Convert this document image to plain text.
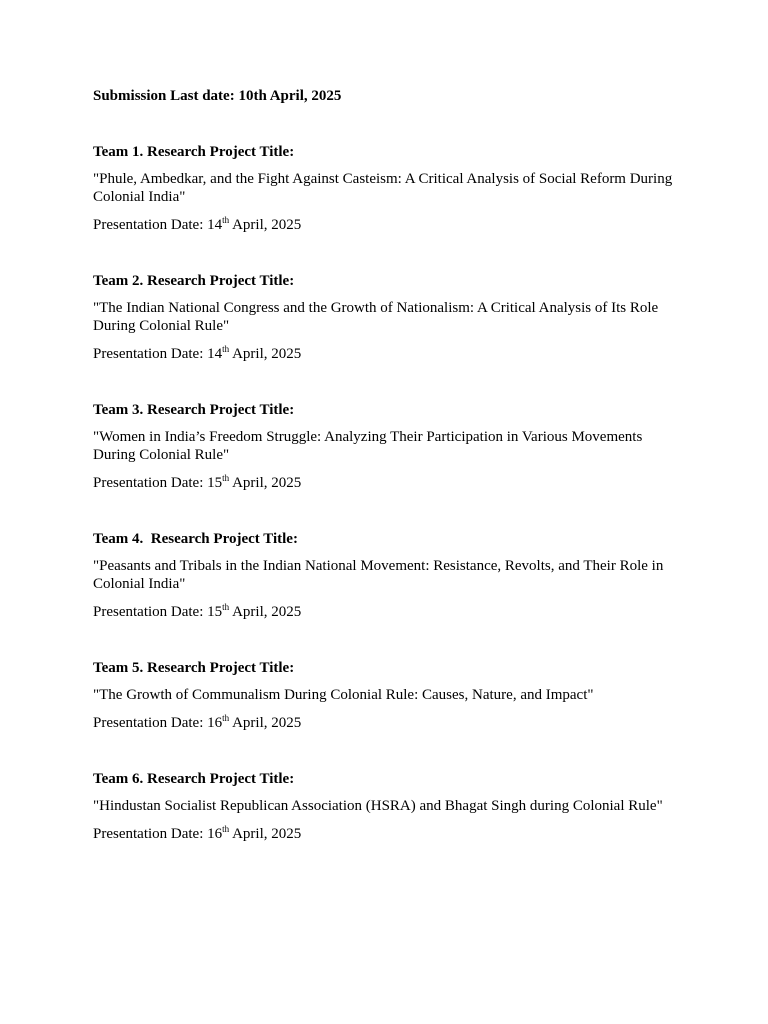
Submission Last date: 10th April, 2025

Team 1. Research Project Title:

"Phule, Ambedkar, and the Fight Against Casteism: A Critical Analysis of Social Reform During Colonial India"

Presentation Date: 14th April, 2025

Team 2. Research Project Title:

"The Indian National Congress and the Growth of Nationalism: A Critical Analysis of Its Role During Colonial Rule"

Presentation Date: 14th April, 2025

Team 3. Research Project Title:

"Women in India’s Freedom Struggle: Analyzing Their Participation in Various Movements During Colonial Rule"

Presentation Date: 15th April, 2025

Team 4.  Research Project Title:

"Peasants and Tribals in the Indian National Movement: Resistance, Revolts, and Their Role in Colonial India"

Presentation Date: 15th April, 2025

Team 5. Research Project Title:

"The Growth of Communalism During Colonial Rule: Causes, Nature, and Impact"

Presentation Date: 16th April, 2025

Team 6. Research Project Title:

"Hindustan Socialist Republican Association (HSRA) and Bhagat Singh during Colonial Rule"

Presentation Date: 16th April, 2025
